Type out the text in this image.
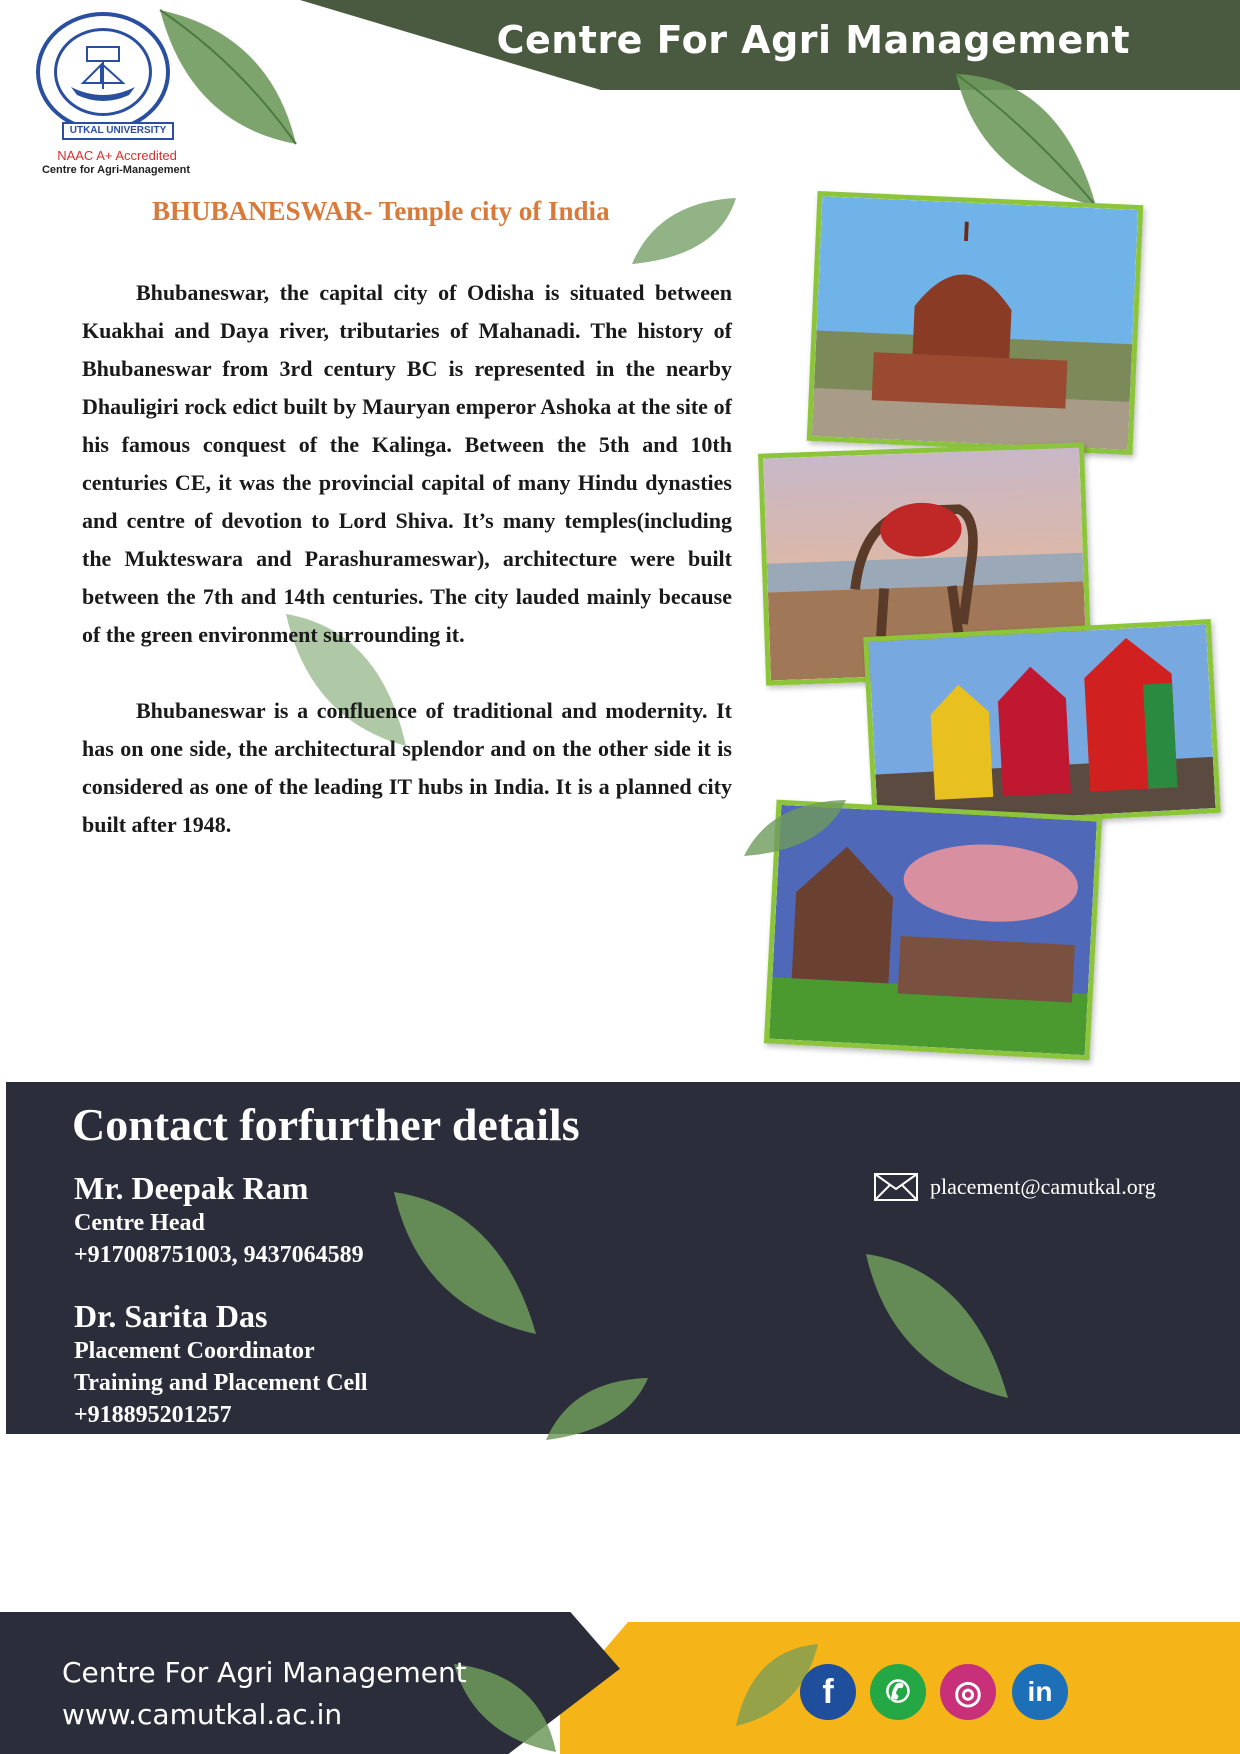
Centre For Agri Management
UTKAL UNIVERSITY
NAAC A+ Accredited
Centre for Agri-Management
BHUBANESWAR- Temple city of India

Bhubaneswar, the capital city of Odisha is situated between Kuakhai and Daya river, tributaries of Mahanadi. The history of Bhubaneswar from 3rd century BC is represented in the nearby Dhauligiri rock edict built by Mauryan emperor Ashoka at the site of his famous conquest of the Kalinga. Between the 5th and 10th centuries CE, it was the provincial capital of many Hindu dynasties and centre of devotion to Lord Shiva. It’s many temples(including the Mukteswara and Parashurameswar), architecture were built between the 7th and 14th centuries. The city lauded mainly because of the green environment surrounding it.

Bhubaneswar is a confluence of traditional and modernity. It has on one side, the architectural splendor and on the other side it is considered as one of the leading IT hubs in India. It is a planned city built after 1948.

Contact forfurther details
Mr. Deepak Ram
Centre Head
+917008751003, 9437064589
Dr. Sarita Das
Placement Coordinator
Training and Placement Cell
+918895201257
placement@camutkal.org
Centre For Agri Management
www.camutkal.ac.in
f	✆	◎	in
